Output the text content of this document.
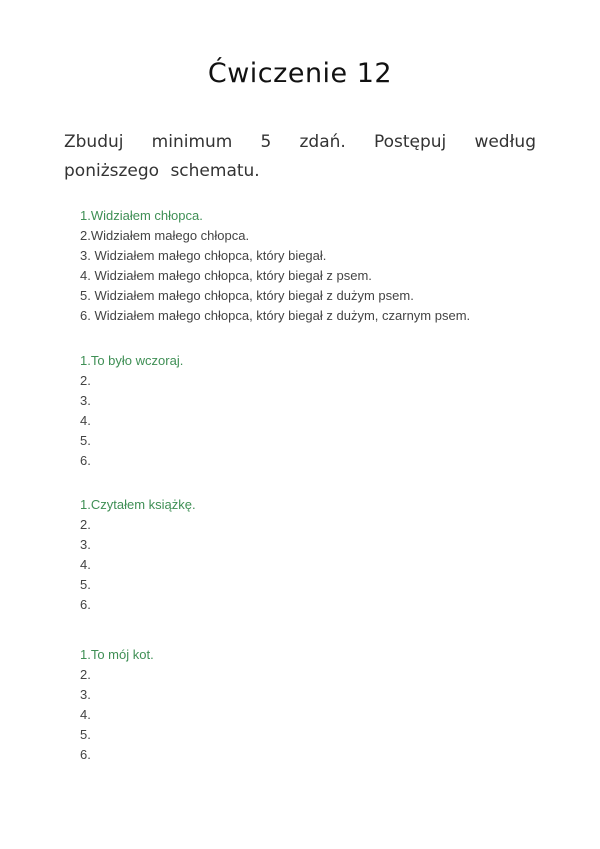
Ćwiczenie 12

Zbuduj minimum 5 zdań. Postępuj według poniższego schematu.

1.Widziałem chłopca.
2.Widziałem małego chłopca.
3. Widziałem małego chłopca, który biegał.
4. Widziałem małego chłopca, który biegał z psem.
5. Widziałem małego chłopca, który biegał z dużym psem.
6. Widziałem małego chłopca, który biegał z dużym, czarnym psem.
1.To było wczoraj.
2.
3.
4.
5.
6.
1.Czytałem książkę.
2.
3.
4.
5.
6.
1.To mój kot.
2.
3.
4.
5.
6.
